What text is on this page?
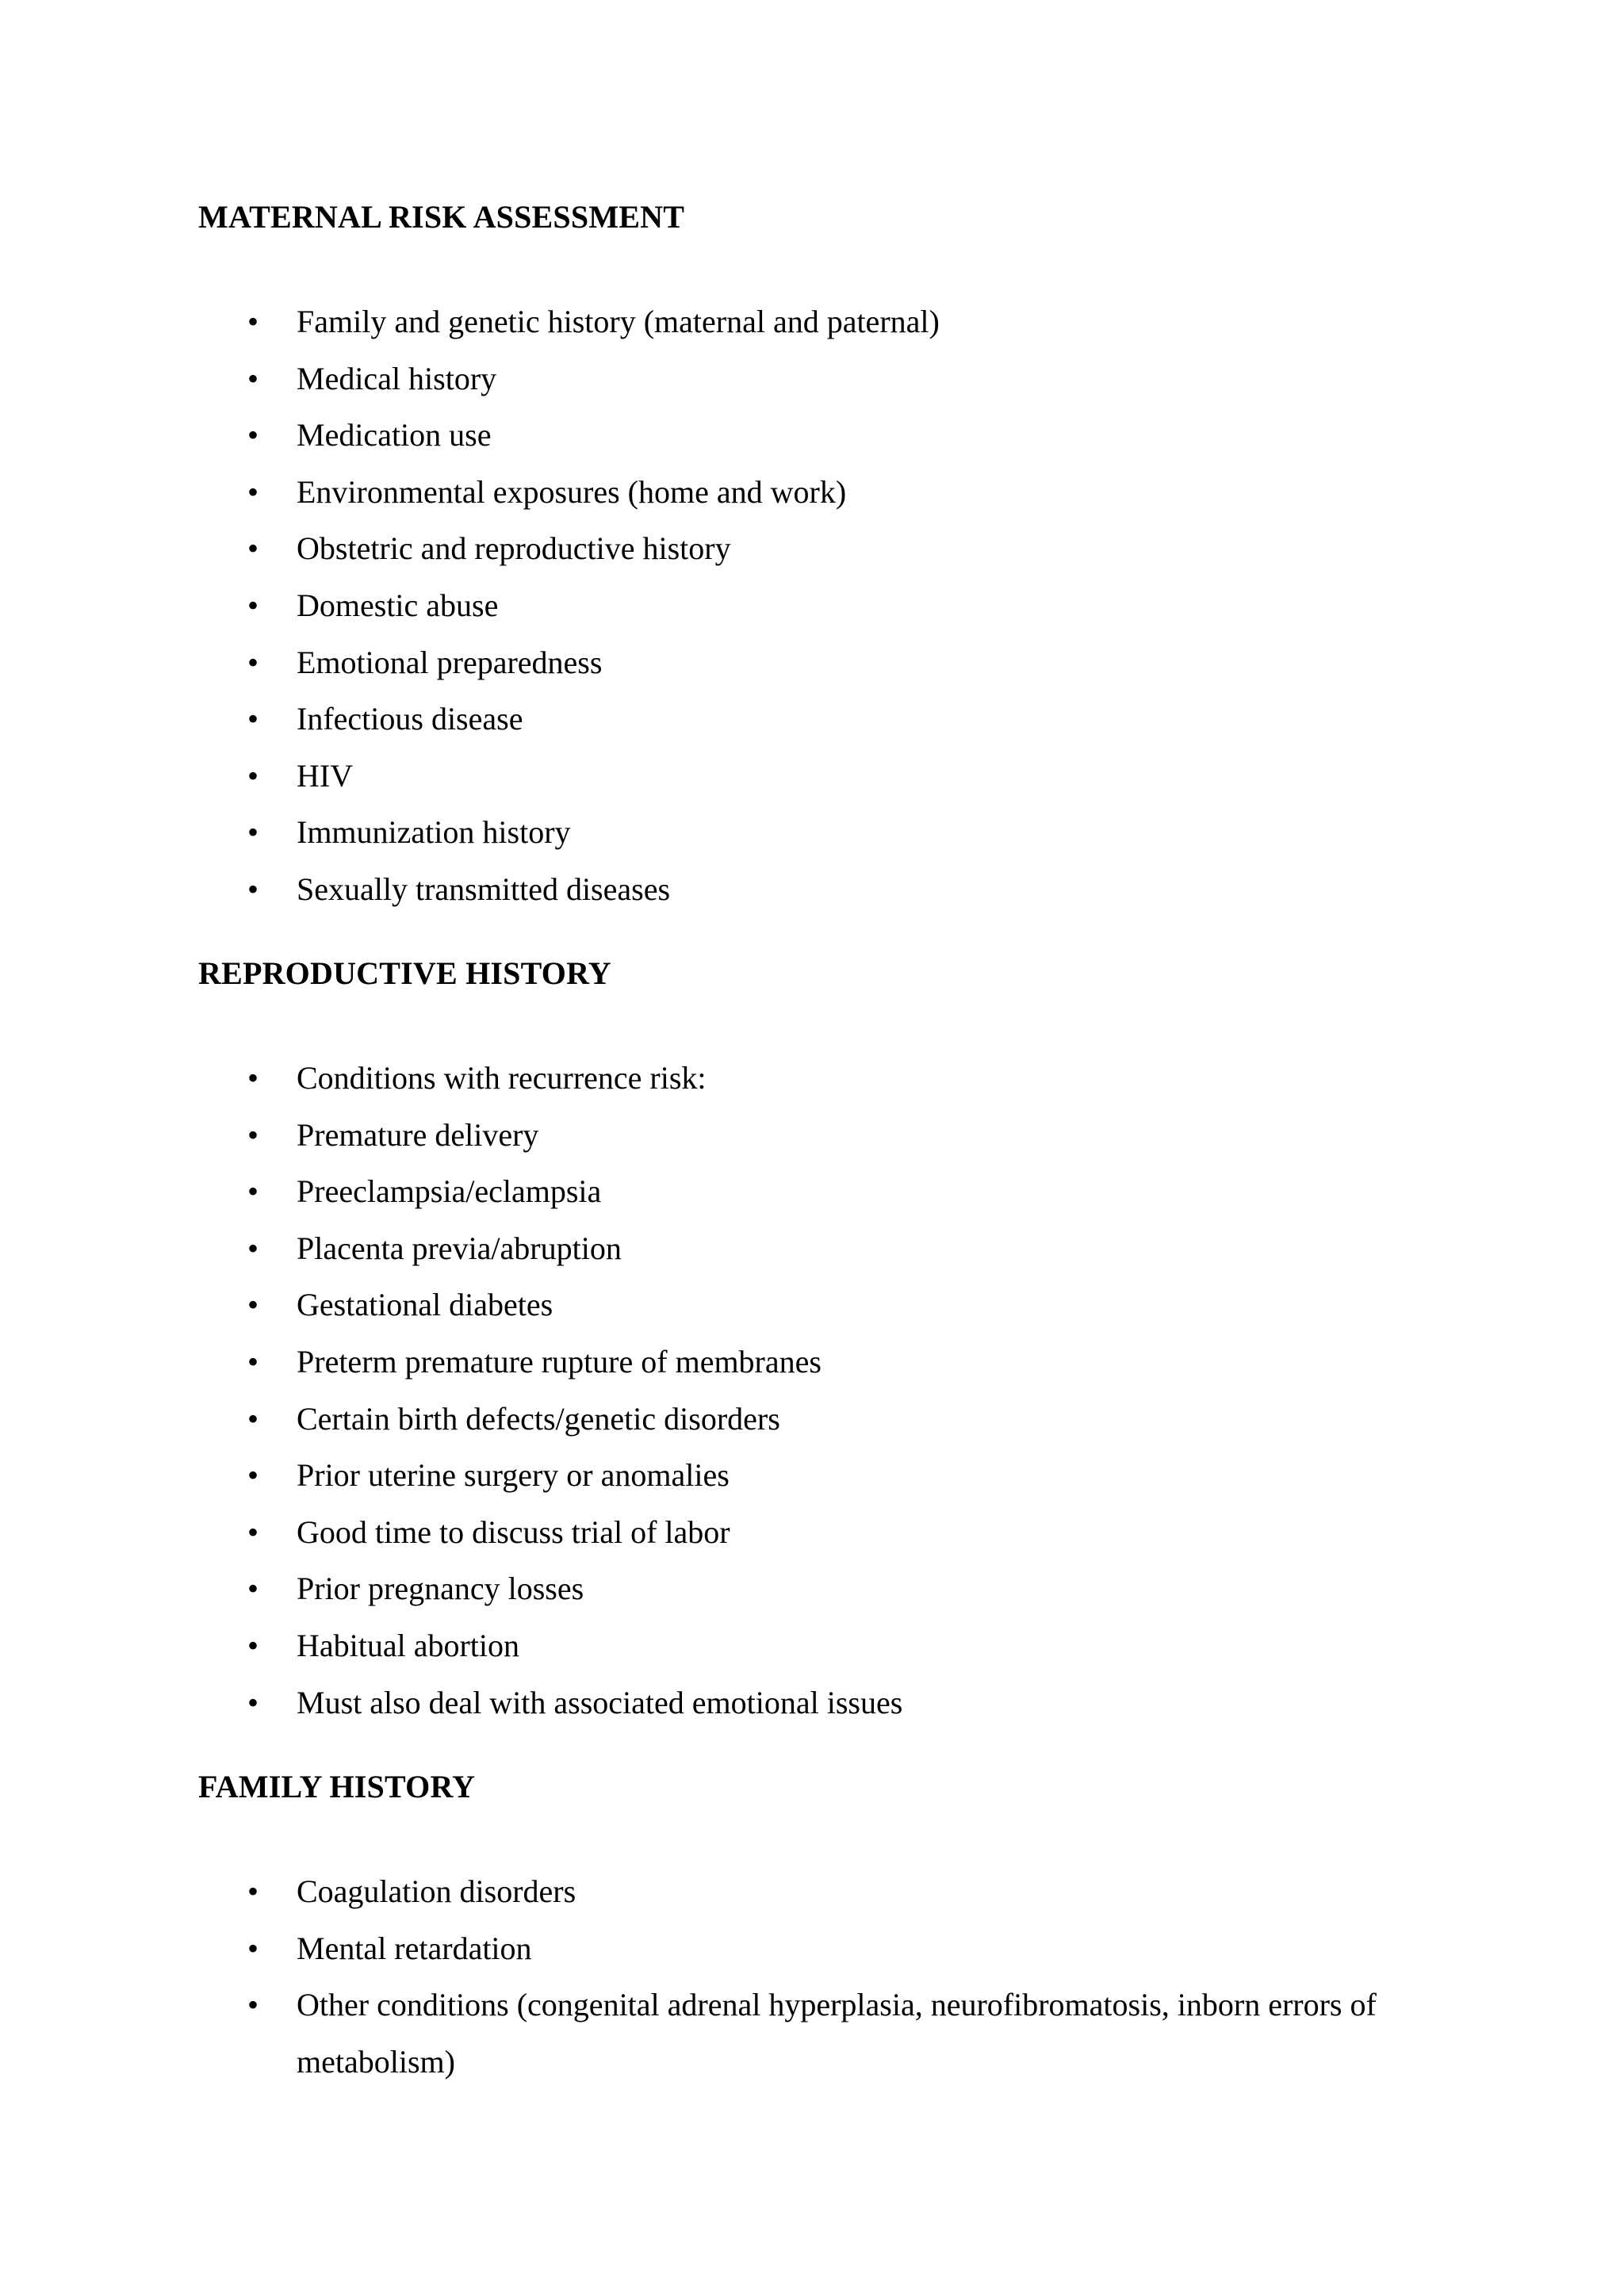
MATERNAL RISK ASSESSMENT
• Family and genetic history (maternal and paternal)
• Medical history
• Medication use
• Environmental exposures (home and work)
• Obstetric and reproductive history
• Domestic abuse
• Emotional preparedness
• Infectious disease
• HIV
• Immunization history
• Sexually transmitted diseases
REPRODUCTIVE HISTORY
• Conditions with recurrence risk:
• Premature delivery
• Preeclampsia/eclampsia
• Placenta previa/abruption
• Gestational diabetes
• Preterm premature rupture of membranes
• Certain birth defects/genetic disorders
• Prior uterine surgery or anomalies
• Good time to discuss trial of labor
• Prior pregnancy losses
• Habitual abortion
• Must also deal with associated emotional issues
FAMILY HISTORY
• Coagulation disorders
• Mental retardation
• Other conditions (congenital adrenal hyperplasia, neurofibromatosis, inborn errors of metabolism)
